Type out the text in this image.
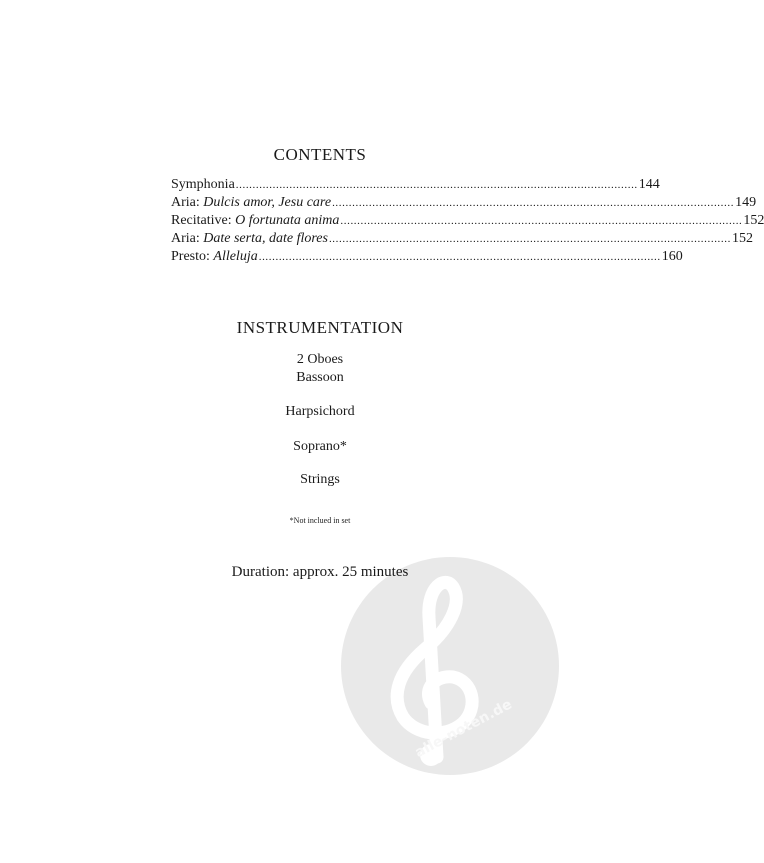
alle-noten.de
CONTENTS
Symphonia ........................................................................................................................ 144
Aria: Dulcis amor, Jesu care ........................................................................................................................ 149
Recitative: O fortunata anima ........................................................................................................................ 152
Aria: Date serta, date flores ........................................................................................................................ 152
Presto: Alleluja ........................................................................................................................ 160
INSTRUMENTATION
2 Oboes
Bassoon
Harpsichord
Soprano*
Strings
*Not inclued in set
Duration: approx. 25 minutes
